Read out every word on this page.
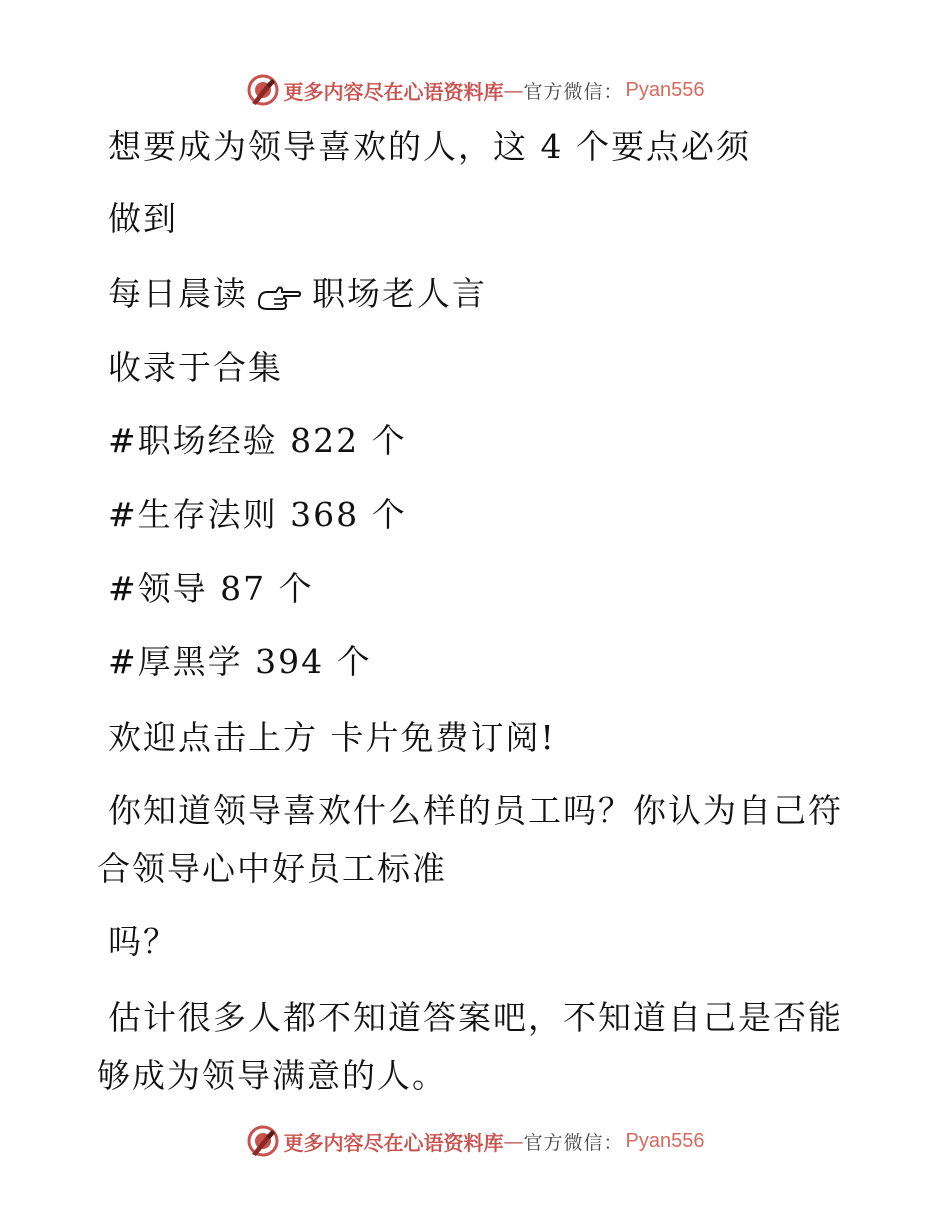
更多内容尽在心语资料库 — 官方微信： Pyan556
想要成为领导喜欢的人，这 4 个要点必须
做到
每日晨读 职场老人言
收录于合集
#职场经验 822 个
#生存法则 368 个
#领导 87 个
#厚黑学 394 个
欢迎点击上方 卡片免费订阅!
你知道领导喜欢什么样的员工吗？你认为自己符
合领导心中好员工标准
吗？
估计很多人都不知道答案吧，不知道自己是否能
够成为领导满意的人。
更多内容尽在心语资料库 — 官方微信： Pyan556
